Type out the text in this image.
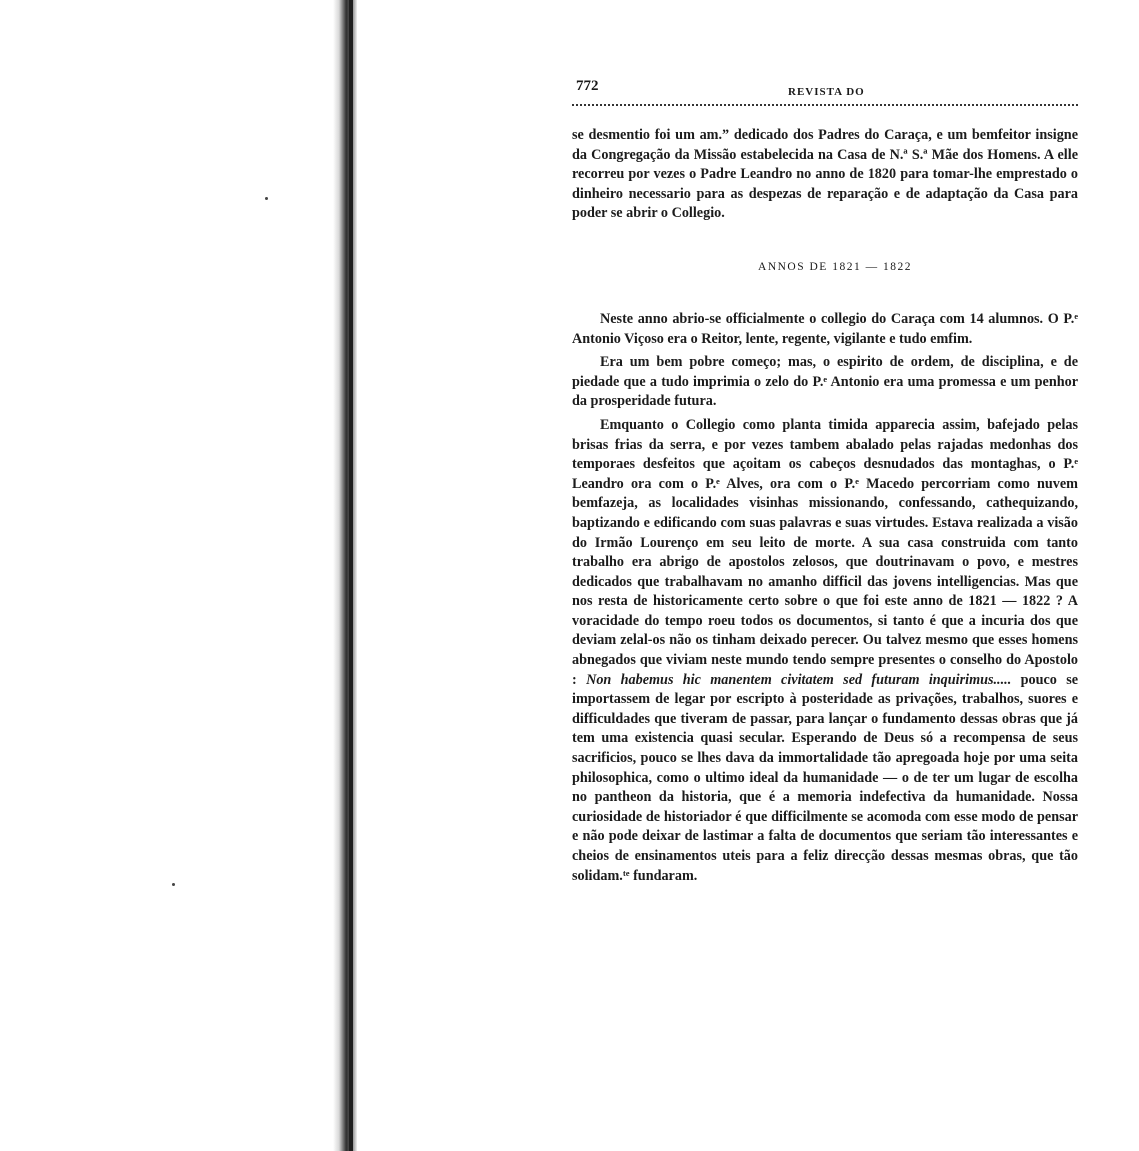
772	REVISTA DO

se desmentio foi um am.” dedicado dos Padres do Caraça, e um bemfeitor insigne da Congregação da Missão estabelecida na Casa de N.ª S.ª Mãe dos Homens. A elle recorreu por vezes o Padre Leandro no anno de 1820 para tomar-lhe emprestado o dinheiro necessario para as despezas de reparação e de adaptação da Casa para poder se abrir o Collegio.

ANNOS DE 1821 — 1822

Neste anno abrio-se officialmente o collegio do Caraça com 14 alumnos. O P.ᵉ Antonio Viçoso era o Reitor, lente, regente, vigilante e tudo emfim.

Era um bem pobre começo; mas, o espirito de ordem, de disciplina, e de piedade que a tudo imprimia o zelo do P.ᵉ Antonio era uma promessa e um penhor da prosperidade futura.

Emquanto o Collegio como planta timida apparecia assim, bafejado pelas brisas frias da serra, e por vezes tambem abalado pelas rajadas medonhas dos temporaes desfeitos que açoitam os cabeços desnudados das montaghas, o P.ᵉ Leandro ora com o P.ᵉ Alves, ora com o P.ᵉ Macedo percorriam como nuvem bemfazeja, as localidades visinhas missionando, confessando, cathequizando, baptizando e edificando com suas palavras e suas virtudes. Estava realizada a visão do Irmão Lourenço em seu leito de morte. A sua casa construida com tanto trabalho era abrigo de apostolos zelosos, que doutrinavam o povo, e mestres dedicados que trabalhavam no amanho difficil das jovens intelligencias. Mas que nos resta de historicamente certo sobre o que foi este anno de 1821 — 1822 ? A voracidade do tempo roeu todos os documentos, si tanto é que a incuria dos que deviam zelal-os não os tinham deixado perecer. Ou talvez mesmo que esses homens abnegados que viviam neste mundo tendo sempre presentes o conselho do Apostolo : Non habemus hic manentem civitatem sed futuram inquirimus..... pouco se importassem de legar por escripto à posteridade as privações, trabalhos, suores e difficuldades que tiveram de passar, para lançar o fundamento dessas obras que já tem uma existencia quasi secular. Esperando de Deus só a recompensa de seus sacrificios, pouco se lhes dava da immortalidade tão apregoada hoje por uma seita philosophica, como o ultimo ideal da humanidade — o de ter um lugar de escolha no pantheon da historia, que é a memoria indefectiva da humanidade. Nossa curiosidade de historiador é que difficilmente se acomoda com esse modo de pensar e não pode deixar de lastimar a falta de documentos que seriam tão interessantes e cheios de ensinamentos uteis para a feliz direcção dessas mesmas obras, que tão solidam.ᵗᵉ fundaram.
